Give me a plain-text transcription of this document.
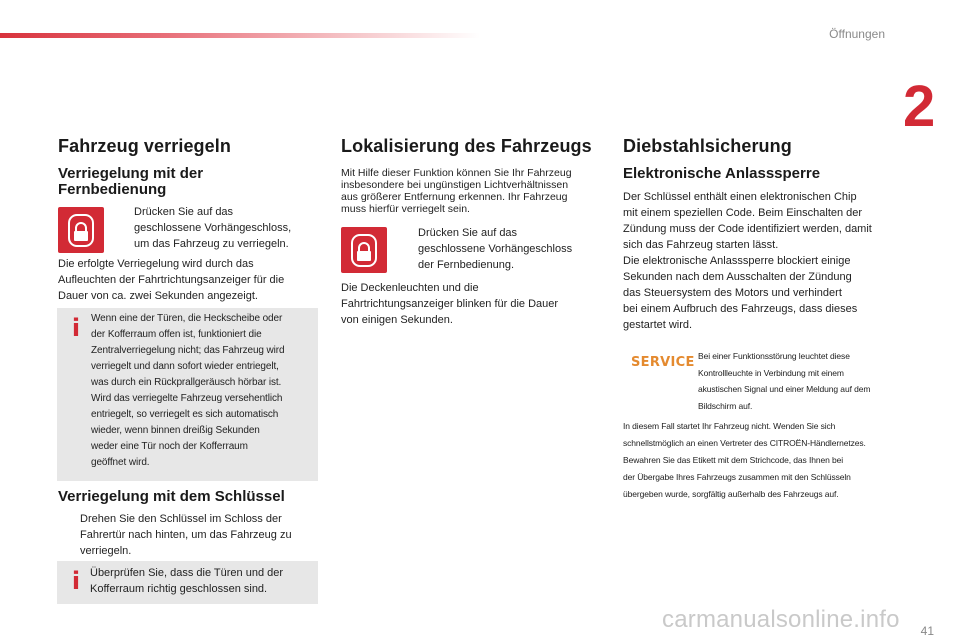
Öffnungen
2
Fahrzeug verriegeln
Verriegelung mit der
Fernbedienung
Drücken Sie auf das
geschlossene Vorhängeschloss,
um das Fahrzeug zu verriegeln.
Die erfolgte Verriegelung wird durch das
Aufleuchten der Fahrtrichtungsanzeiger für die
Dauer von ca. zwei Sekunden angezeigt.
i Wenn eine der Türen, die Heckscheibe oder
der Kofferraum offen ist, funktioniert die
Zentralverriegelung nicht; das Fahrzeug wird
verriegelt und dann sofort wieder entriegelt,
was durch ein Rückprallgeräusch hörbar ist.
Wird das verriegelte Fahrzeug versehentlich
entriegelt, so verriegelt es sich automatisch
wieder, wenn binnen dreißig Sekunden
weder eine Tür noch der Kofferraum
geöffnet wird.
Verriegelung mit dem Schlüssel
Drehen Sie den Schlüssel im Schloss der
Fahrertür nach hinten, um das Fahrzeug zu
verriegeln.
i Überprüfen Sie, dass die Türen und der
Kofferraum richtig geschlossen sind.
Lokalisierung des Fahrzeugs
Mit Hilfe dieser Funktion können Sie Ihr Fahrzeug
insbesondere bei ungünstigen Lichtverhältnissen
aus größerer Entfernung erkennen. Ihr Fahrzeug
muss hierfür verriegelt sein.
Drücken Sie auf das
geschlossene Vorhängeschloss
der Fernbedienung.
Die Deckenleuchten und die
Fahrtrichtungsanzeiger blinken für die Dauer
von einigen Sekunden.
Diebstahlsicherung
Elektronische Anlasssperre
Der Schlüssel enthält einen elektronischen Chip
mit einem speziellen Code. Beim Einschalten der
Zündung muss der Code identifiziert werden, damit
sich das Fahrzeug starten lässt.
Die elektronische Anlasssperre blockiert einige
Sekunden nach dem Ausschalten der Zündung
das Steuersystem des Motors und verhindert
bei einem Aufbruch des Fahrzeugs, dass dieses
gestartet wird.
SERVICE Bei einer Funktionsstörung leuchtet diese
Kontrollleuchte in Verbindung mit einem
akustischen Signal und einer Meldung auf dem
Bildschirm auf.
In diesem Fall startet Ihr Fahrzeug nicht. Wenden Sie sich
schnellstmöglich an einen Vertreter des CITROËN-Händlernetzes.
Bewahren Sie das Etikett mit dem Strichcode, das Ihnen bei
der Übergabe Ihres Fahrzeugs zusammen mit den Schlüsseln
übergeben wurde, sorgfältig außerhalb des Fahrzeugs auf.
41
carmanualsonline.info
